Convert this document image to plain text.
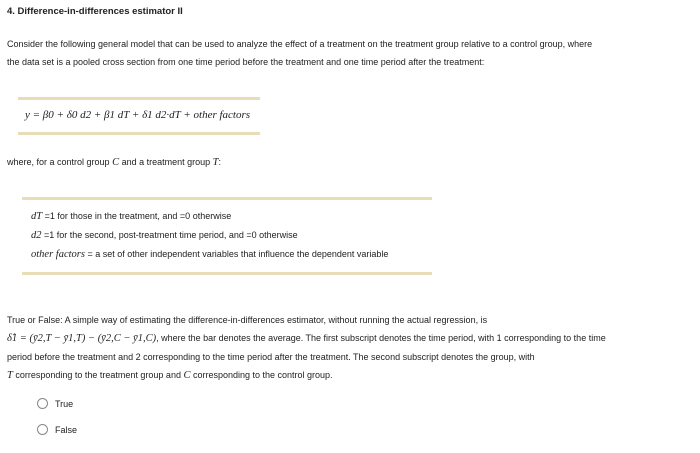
4. Difference-in-differences estimator II
Consider the following general model that can be used to analyze the effect of a treatment on the treatment group relative to a control group, where
the data set is a pooled cross section from one time period before the treatment and one time period after the treatment:
y = β0 + δ0 d2 + β1 dT + δ1 d2·dT + other factors
where, for a control group C and a treatment group T:
dT =1 for those in the treatment, and =0 otherwise
d2 =1 for the second, post-treatment time period, and =0 otherwise
other factors = a set of other independent variables that influence the dependent variable
True or False: A simple way of estimating the difference-in-differences estimator, without running the actual regression, is
δ̂1 = (ȳ2,T − ȳ1,T) − (ȳ2,C − ȳ1,C), where the bar denotes the average. The first subscript denotes the time period, with 1 corresponding to the time
period before the treatment and 2 corresponding to the time period after the treatment. The second subscript denotes the group, with
T corresponding to the treatment group and C corresponding to the control group.
True
False
